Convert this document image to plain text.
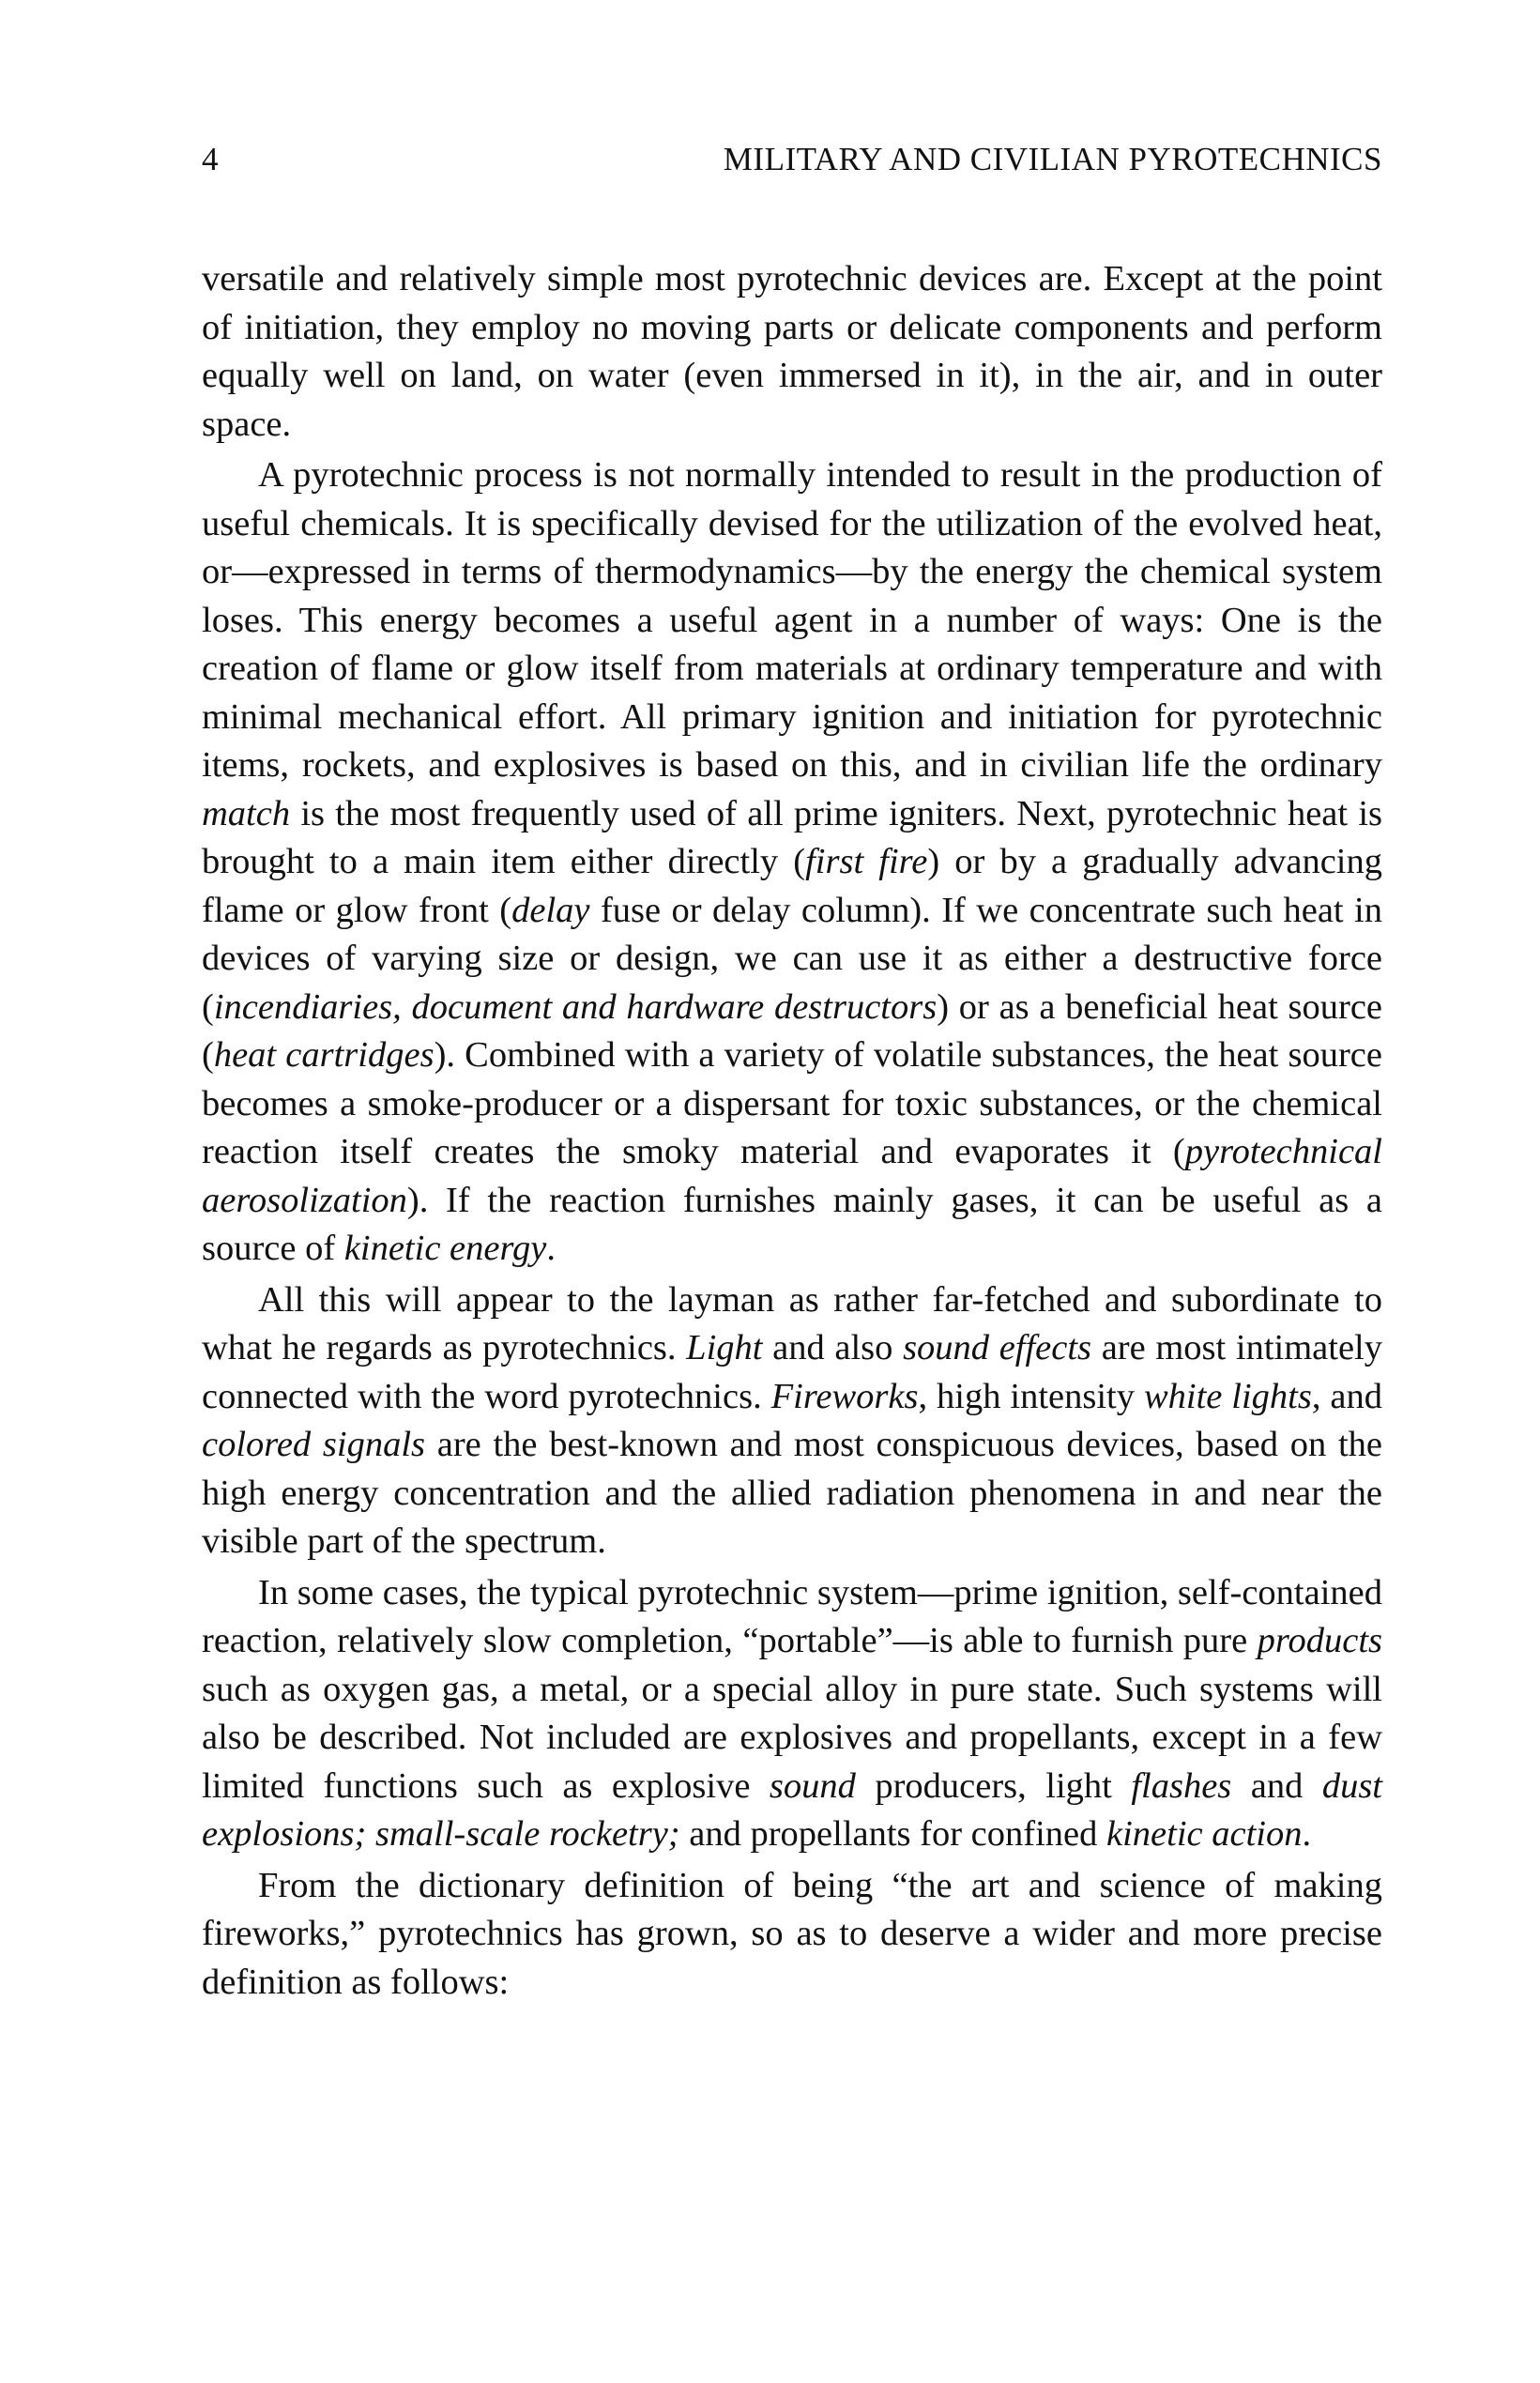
4	MILITARY AND CIVILIAN PYROTECHNICS

versatile and relatively simple most pyrotechnic devices are. Except at the point of initiation, they employ no moving parts or delicate components and perform equally well on land, on water (even immersed in it), in the air, and in outer space.

A pyrotechnic process is not normally intended to result in the production of useful chemicals. It is specifically devised for the utilization of the evolved heat, or—expressed in terms of thermodynamics—by the energy the chemical system loses. This energy becomes a useful agent in a number of ways: One is the creation of flame or glow itself from materials at ordinary temperature and with minimal mechanical effort. All primary ignition and initiation for pyrotechnic items, rockets, and explosives is based on this, and in civilian life the ordinary match is the most frequently used of all prime igniters. Next, pyrotechnic heat is brought to a main item either directly (first fire) or by a gradually advancing flame or glow front (delay fuse or delay column). If we concentrate such heat in devices of varying size or design, we can use it as either a destructive force (incendiaries, document and hardware destructors) or as a beneficial heat source (heat cartridges). Combined with a variety of volatile substances, the heat source becomes a smoke-producer or a dispersant for toxic substances, or the chemical reaction itself creates the smoky material and evaporates it (pyrotechnical aerosolization). If the reaction furnishes mainly gases, it can be useful as a source of kinetic energy.

All this will appear to the layman as rather far-fetched and subordinate to what he regards as pyrotechnics. Light and also sound effects are most intimately connected with the word pyrotechnics. Fireworks, high intensity white lights, and colored signals are the best-known and most conspicuous devices, based on the high energy concentration and the allied radiation phenomena in and near the visible part of the spectrum.

In some cases, the typical pyrotechnic system—prime ignition, self-contained reaction, relatively slow completion, “portable”—is able to furnish pure products such as oxygen gas, a metal, or a special alloy in pure state. Such systems will also be described. Not included are explosives and propellants, except in a few limited functions such as explosive sound producers, light flashes and dust explosions; small-scale rocketry; and propellants for confined kinetic action.

From the dictionary definition of being “the art and science of making fireworks,” pyrotechnics has grown, so as to deserve a wider and more precise definition as follows:
